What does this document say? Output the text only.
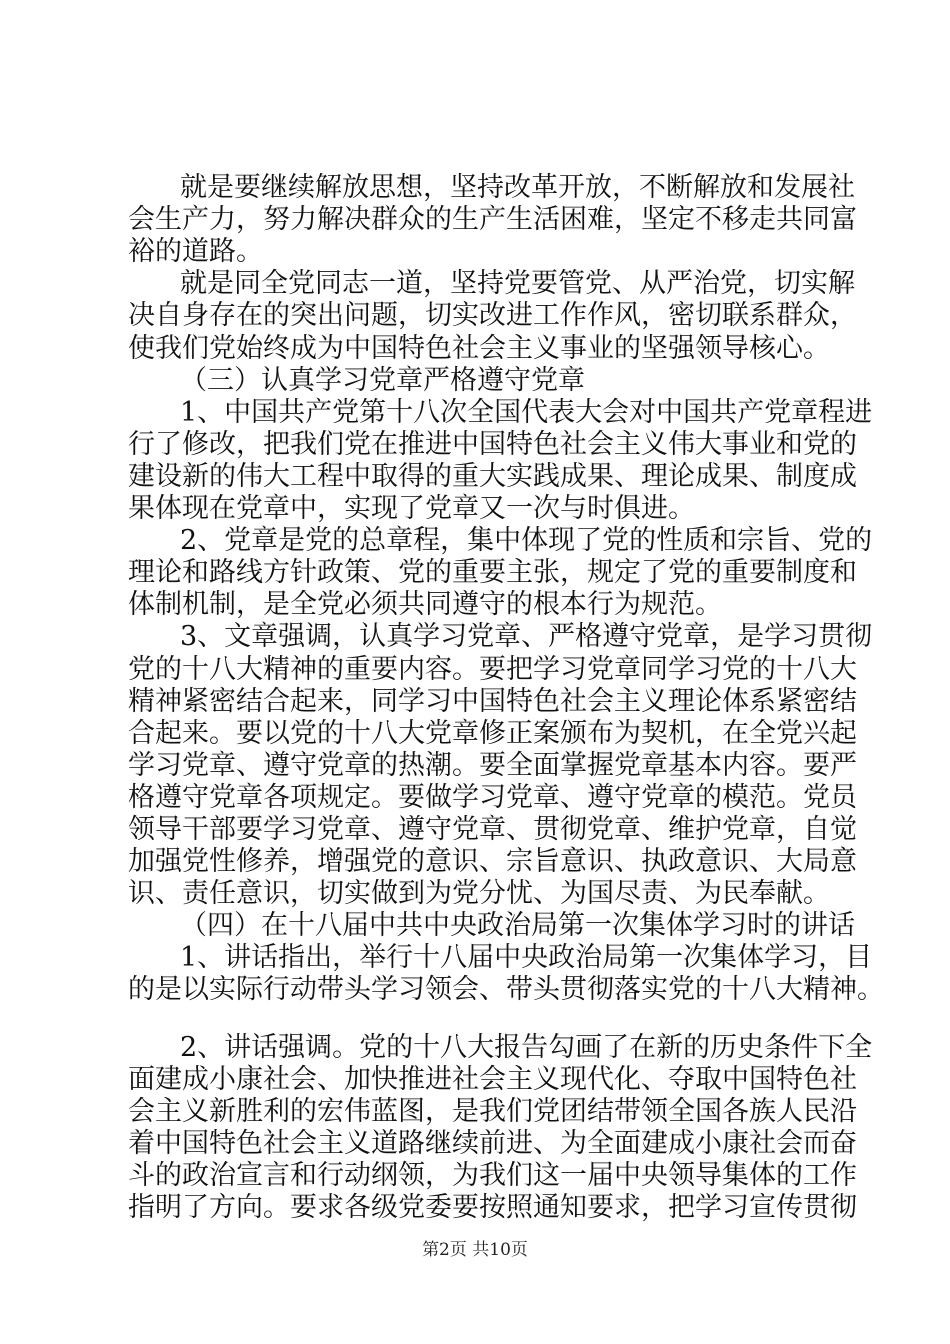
就是要继续解放思想，坚持改革开放，不断解放和发展社
会生产力，努力解决群众的生产生活困难，坚定不移走共同富
裕的道路。
就是同全党同志一道，坚持党要管党、从严治党，切实解
决自身存在的突出问题，切实改进工作作风，密切联系群众，
使我们党始终成为中国特色社会主义事业的坚强领导核心。
（三）认真学习党章严格遵守党章
1、中国共产党第十八次全国代表大会对中国共产党章程进
行了修改，把我们党在推进中国特色社会主义伟大事业和党的
建设新的伟大工程中取得的重大实践成果、理论成果、制度成
果体现在党章中，实现了党章又一次与时俱进。
2、党章是党的总章程，集中体现了党的性质和宗旨、党的
理论和路线方针政策、党的重要主张，规定了党的重要制度和
体制机制，是全党必须共同遵守的根本行为规范。
3、文章强调，认真学习党章、严格遵守党章，是学习贯彻
党的十八大精神的重要内容。要把学习党章同学习党的十八大
精神紧密结合起来，同学习中国特色社会主义理论体系紧密结
合起来。要以党的十八大党章修正案颁布为契机，在全党兴起
学习党章、遵守党章的热潮。要全面掌握党章基本内容。要严
格遵守党章各项规定。要做学习党章、遵守党章的模范。党员
领导干部要学习党章、遵守党章、贯彻党章、维护党章，自觉
加强党性修养，增强党的意识、宗旨意识、执政意识、大局意
识、责任意识，切实做到为党分忧、为国尽责、为民奉献。
（四）在十八届中共中央政治局第一次集体学习时的讲话
1、讲话指出，举行十八届中央政治局第一次集体学习，目
的是以实际行动带头学习领会、带头贯彻落实党的十八大精神。
2、讲话强调。党的十八大报告勾画了在新的历史条件下全
面建成小康社会、加快推进社会主义现代化、夺取中国特色社
会主义新胜利的宏伟蓝图，是我们党团结带领全国各族人民沿
着中国特色社会主义道路继续前进、为全面建成小康社会而奋
斗的政治宣言和行动纲领，为我们这一届中央领导集体的工作
指明了方向。要求各级党委要按照通知要求，把学习宣传贯彻
第2页 共10页
